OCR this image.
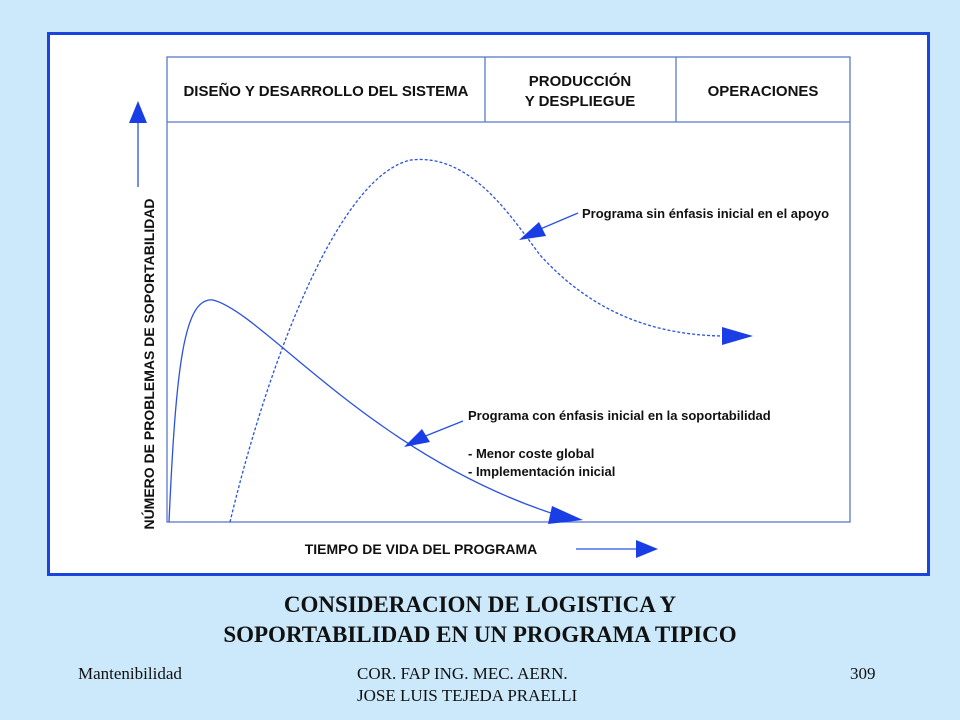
DISEÑO Y DESARROLLO DEL SISTEMA
PRODUCCIÓN
Y DESPLIEGUE
OPERACIONES
NÚMERO DE PROBLEMAS DE SOPORTABILIDAD
TIEMPO DE VIDA DEL PROGRAMA
Programa sin énfasis inicial en el apoyo
Programa con énfasis inicial en la soportabilidad
- Menor coste global
- Implementación inicial
CONSIDERACION DE LOGISTICA Y
SOPORTABILIDAD EN UN PROGRAMA TIPICO
Mantenibilidad	COR. FAP ING. MEC. AERN.
JOSE LUIS TEJEDA PRAELLI
309
